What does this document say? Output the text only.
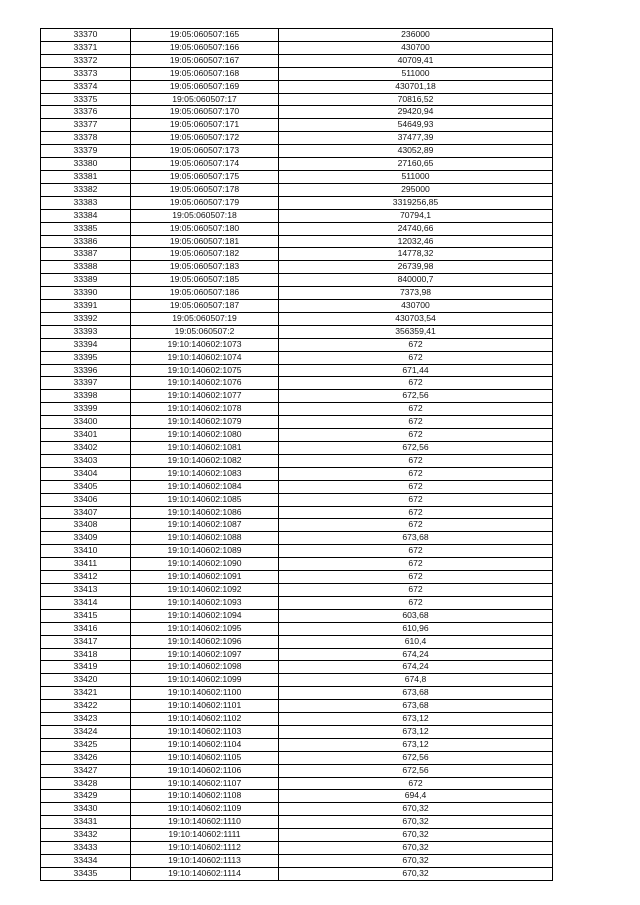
33370	19:05:060507:165	236000
33371	19:05:060507:166	430700
33372	19:05:060507:167	40709,41
33373	19:05:060507:168	511000
33374	19:05:060507:169	430701,18
33375	19:05:060507:17	70816,52
33376	19:05:060507:170	29420,94
33377	19:05:060507:171	54649,93
33378	19:05:060507:172	37477,39
33379	19:05:060507:173	43052,89
33380	19:05:060507:174	27160,65
33381	19:05:060507:175	511000
33382	19:05:060507:178	295000
33383	19:05:060507:179	3319256,85
33384	19:05:060507:18	70794,1
33385	19:05:060507:180	24740,66
33386	19:05:060507:181	12032,46
33387	19:05:060507:182	14778,32
33388	19:05:060507:183	26739,98
33389	19:05:060507:185	840000,7
33390	19:05:060507:186	7373,98
33391	19:05:060507:187	430700
33392	19:05:060507:19	430703,54
33393	19:05:060507:2	356359,41
33394	19:10:140602:1073	672
33395	19:10:140602:1074	672
33396	19:10:140602:1075	671,44
33397	19:10:140602:1076	672
33398	19:10:140602:1077	672,56
33399	19:10:140602:1078	672
33400	19:10:140602:1079	672
33401	19:10:140602:1080	672
33402	19:10:140602:1081	672,56
33403	19:10:140602:1082	672
33404	19:10:140602:1083	672
33405	19:10:140602:1084	672
33406	19:10:140602:1085	672
33407	19:10:140602:1086	672
33408	19:10:140602:1087	672
33409	19:10:140602:1088	673,68
33410	19:10:140602:1089	672
33411	19:10:140602:1090	672
33412	19:10:140602:1091	672
33413	19:10:140602:1092	672
33414	19:10:140602:1093	672
33415	19:10:140602:1094	603,68
33416	19:10:140602:1095	610,96
33417	19:10:140602:1096	610,4
33418	19:10:140602:1097	674,24
33419	19:10:140602:1098	674,24
33420	19:10:140602:1099	674,8
33421	19:10:140602:1100	673,68
33422	19:10:140602:1101	673,68
33423	19:10:140602:1102	673,12
33424	19:10:140602:1103	673,12
33425	19:10:140602:1104	673,12
33426	19:10:140602:1105	672,56
33427	19:10:140602:1106	672,56
33428	19:10:140602:1107	672
33429	19:10:140602:1108	694,4
33430	19:10:140602:1109	670,32
33431	19:10:140602:1110	670,32
33432	19:10:140602:1111	670,32
33433	19:10:140602:1112	670,32
33434	19:10:140602:1113	670,32
33435	19:10:140602:1114	670,32
